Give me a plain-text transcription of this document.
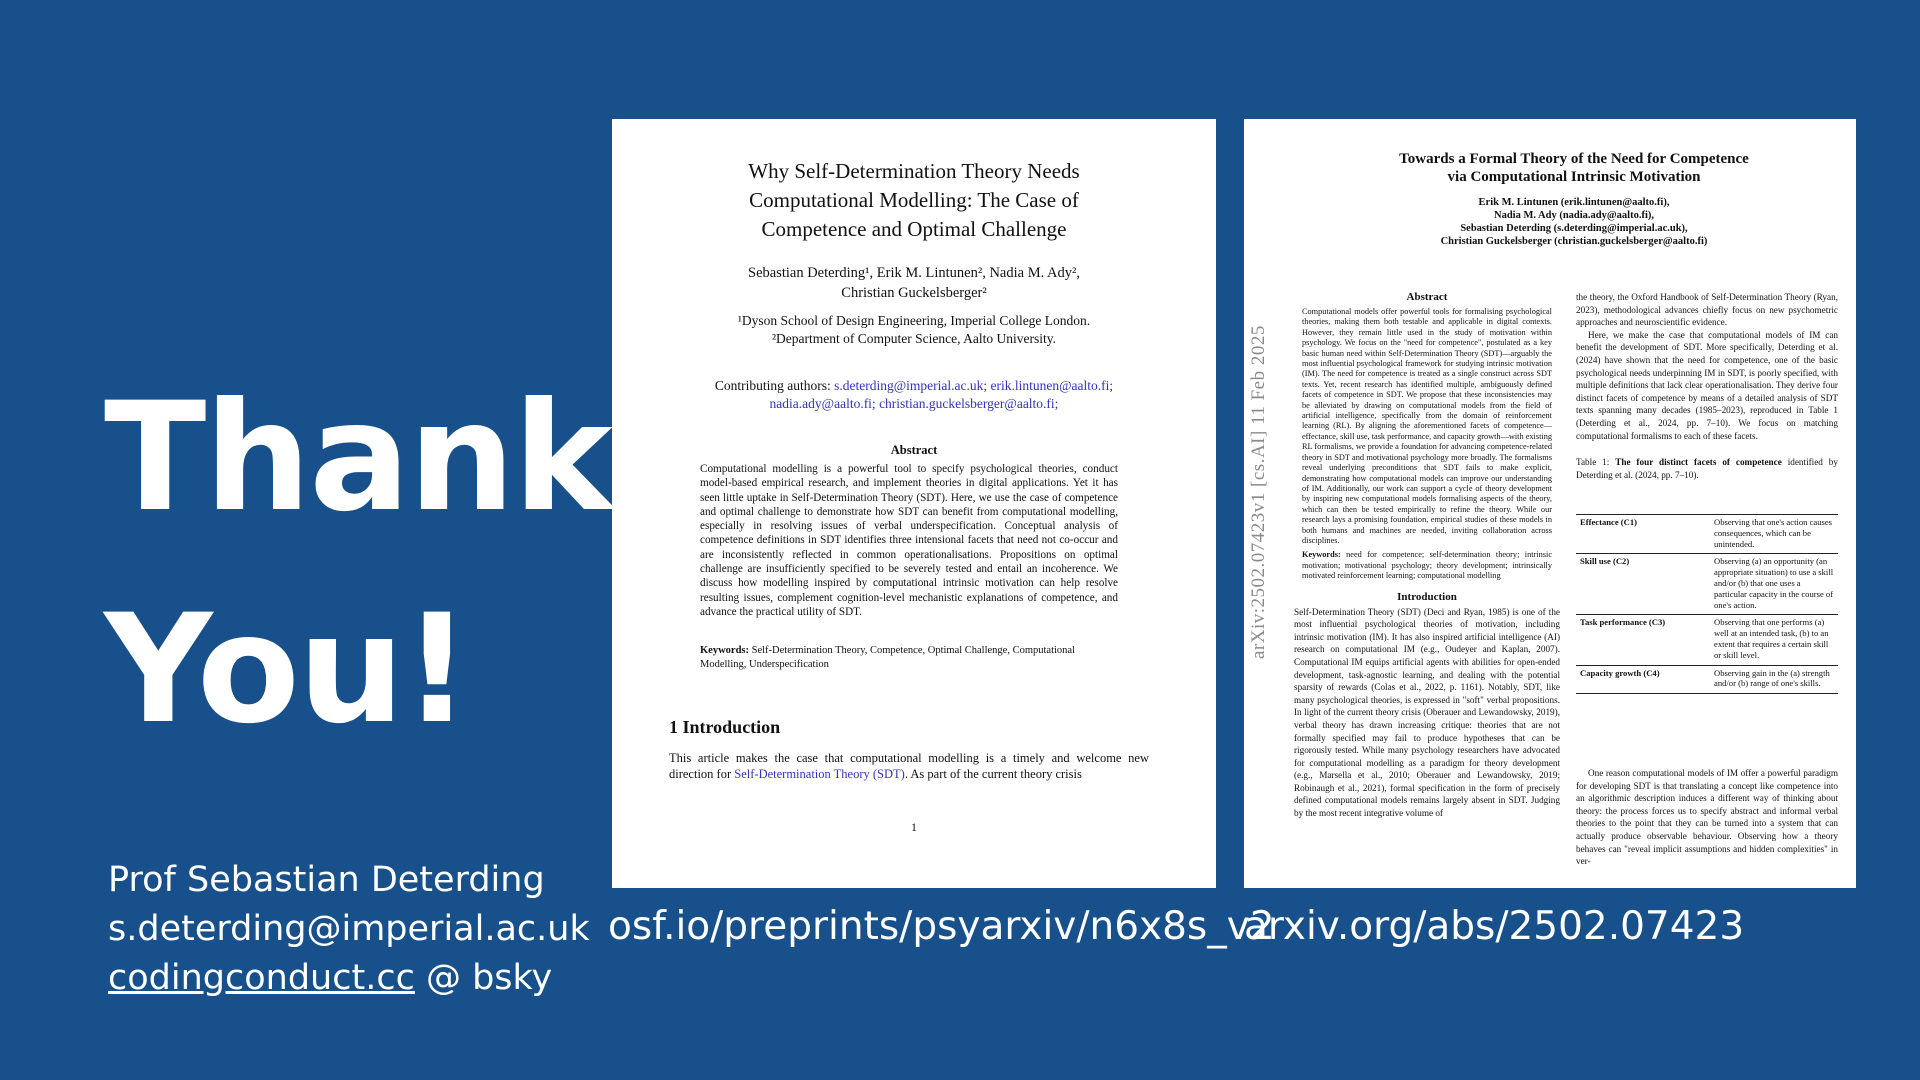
Thank
You!
Prof Sebastian Deterding
s.deterding@imperial.ac.uk
codingconduct.cc @ bsky
Why Self-Determination Theory Needs
Computational Modelling: The Case of
Competence and Optimal Challenge
Sebastian Deterding¹, Erik M. Lintunen², Nadia M. Ady²,
Christian Guckelsberger²
¹Dyson School of Design Engineering, Imperial College London.
²Department of Computer Science, Aalto University.
Contributing authors: s.deterding@imperial.ac.uk; erik.lintunen@aalto.fi;
nadia.ady@aalto.fi; christian.guckelsberger@aalto.fi;
Abstract
Computational modelling is a powerful tool to specify psychological theories, conduct model-based empirical research, and implement theories in digital applications. Yet it has seen little uptake in Self-Determination Theory (SDT). Here, we use the case of competence and optimal challenge to demonstrate how SDT can benefit from computational modelling, especially in resolving issues of verbal underspecification. Conceptual analysis of competence definitions in SDT identifies three intensional facets that need not co-occur and are inconsistently reflected in common operationalisations. Propositions on optimal challenge are insufficiently specified to be severely tested and entail an incoherence. We discuss how modelling inspired by computational intrinsic motivation can help resolve resulting issues, complement cognition-level mechanistic explanations of competence, and advance the practical utility of SDT.
Keywords: Self-Determination Theory, Competence, Optimal Challenge, Computational Modelling, Underspecification
1 Introduction
This article makes the case that computational modelling is a timely and welcome new direction for Self-Determination Theory (SDT). As part of the current theory crisis
1
Towards a Formal Theory of the Need for Competence
via Computational Intrinsic Motivation
Erik M. Lintunen (erik.lintunen@aalto.fi),
Nadia M. Ady (nadia.ady@aalto.fi),
Sebastian Deterding (s.deterding@imperial.ac.uk),
Christian Guckelsberger (christian.guckelsberger@aalto.fi)
arXiv:2502.07423v1 [cs.AI] 11 Feb 2025
Abstract
Computational models offer powerful tools for formalising psychological theories, making them both testable and applicable in digital contexts. However, they remain little used in the study of motivation within psychology. We focus on the "need for competence", postulated as a key basic human need within Self-Determination Theory (SDT)—arguably the most influential psychological framework for studying intrinsic motivation (IM). The need for competence is treated as a single construct across SDT texts. Yet, recent research has identified multiple, ambiguously defined facets of competence in SDT. We propose that these inconsistencies may be alleviated by drawing on computational models from the field of artificial intelligence, specifically from the domain of reinforcement learning (RL). By aligning the aforementioned facets of competence—effectance, skill use, task performance, and capacity growth—with existing RL formalisms, we provide a foundation for advancing competence-related theory in SDT and motivational psychology more broadly. The formalisms reveal underlying preconditions that SDT fails to make explicit, demonstrating how computational models can improve our understanding of IM. Additionally, our work can support a cycle of theory development by inspiring new computational models formalising aspects of the theory, which can then be tested empirically to refine the theory. While our research lays a promising foundation, empirical studies of these models in both humans and machines are needed, inviting collaboration across disciplines.
Keywords: need for competence; self-determination theory; intrinsic motivation; motivational psychology; theory development; intrinsically motivated reinforcement learning; computational modelling
Introduction
Self-Determination Theory (SDT) (Deci and Ryan, 1985) is one of the most influential psychological theories of motivation, including intrinsic motivation (IM). It has also inspired artificial intelligence (AI) research on computational IM (e.g., Oudeyer and Kaplan, 2007). Computational IM equips artificial agents with abilities for open-ended development, task-agnostic learning, and dealing with the potential sparsity of rewards (Colas et al., 2022, p. 1161). Notably, SDT, like many psychological theories, is expressed in "soft" verbal propositions. In light of the current theory crisis (Oberauer and Lewandowsky, 2019), verbal theory has drawn increasing critique: theories that are not formally specified may fail to produce hypotheses that can be rigorously tested. While many psychology researchers have advocated for computational modelling as a paradigm for theory development (e.g., Marsella et al., 2010; Oberauer and Lewandowsky, 2019; Robinaugh et al., 2021), formal specification in the form of precisely defined computational models remains largely absent in SDT. Judging by the most recent integrative volume of
the theory, the Oxford Handbook of Self-Determination Theory (Ryan, 2023), methodological advances chiefly focus on new psychometric approaches and neuroscientific evidence.
Here, we make the case that computational models of IM can benefit the development of SDT. More specifically, Deterding et al. (2024) have shown that the need for competence, one of the basic psychological needs underpinning IM in SDT, is poorly specified, with multiple definitions that lack clear operationalisation. They derive four distinct facets of competence by means of a detailed analysis of SDT texts spanning many decades (1985–2023), reproduced in Table 1 (Deterding et al., 2024, pp. 7–10). We focus on matching computational formalisms to each of these facets.
Table 1: The four distinct facets of competence identified by Deterding et al. (2024, pp. 7–10).
Effectance (C1)	Observing that one's action causes consequences, which can be unintended.
Skill use (C2)	Observing (a) an opportunity (an appropriate situation) to use a skill and/or (b) that one uses a particular capacity in the course of one's action.
Task performance (C3)	Observing that one performs (a) well at an intended task, (b) to an extent that requires a certain skill or skill level.
Capacity growth (C4)	Observing gain in the (a) strength and/or (b) range of one's skills.
One reason computational models of IM offer a powerful paradigm for developing SDT is that translating a concept like competence into an algorithmic description induces a different way of thinking about theory: the process forces us to specify abstract and informal verbal theories to the point that they can be turned into a system that can actually produce observable behaviour. Observing how a theory behaves can "reveal implicit assumptions and hidden complexities" in ver-
osf.io/preprints/psyarxiv/n6x8s_v2
arxiv.org/abs/2502.07423
